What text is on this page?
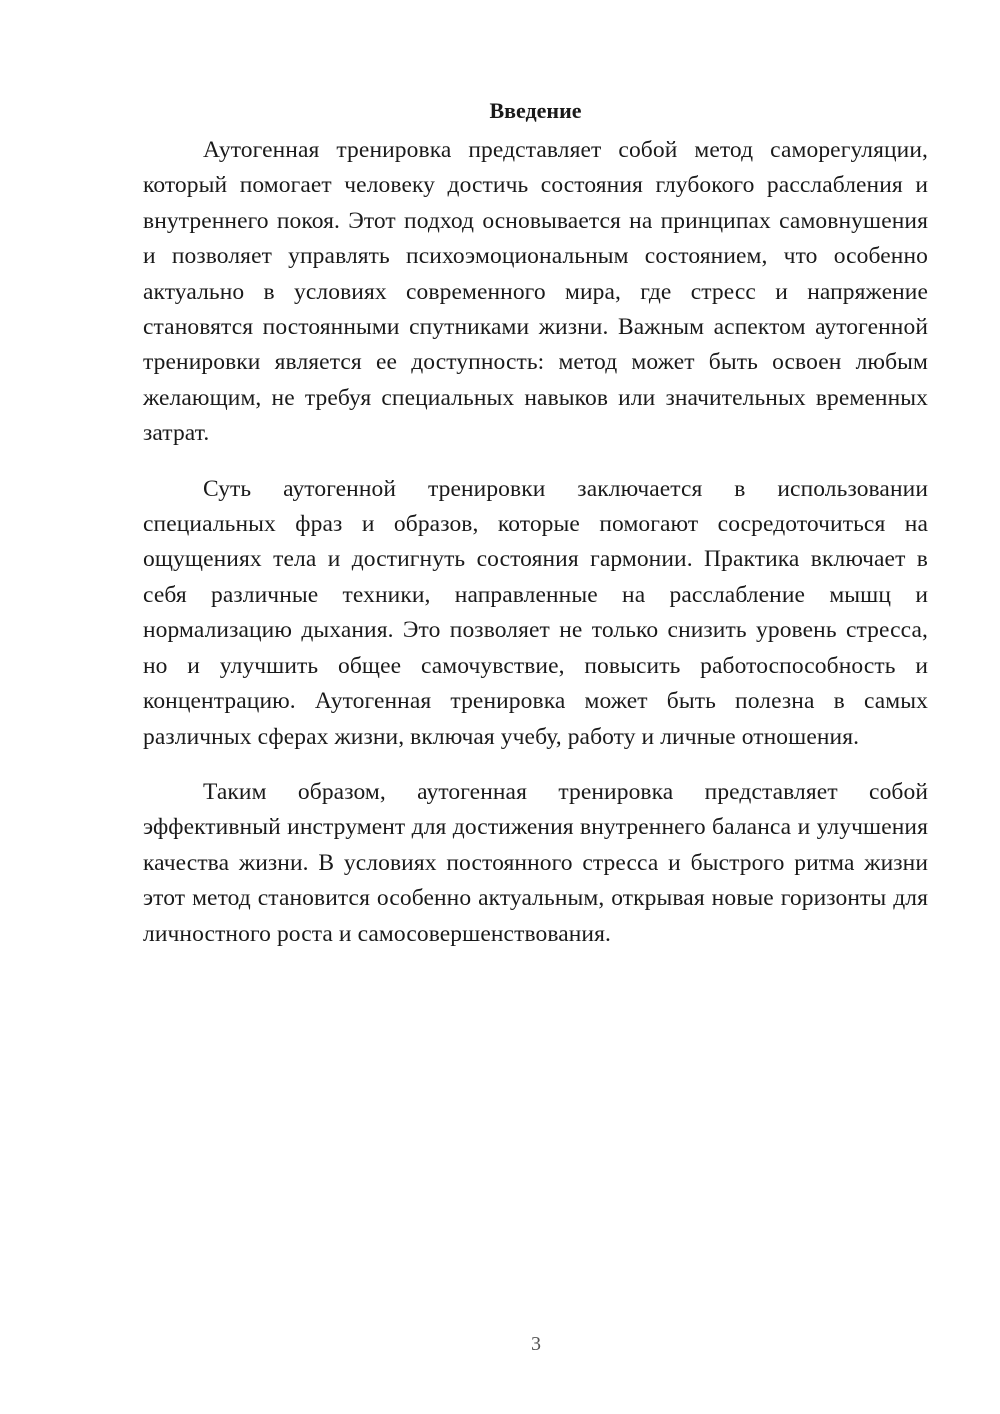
Введение

Аутогенная тренировка представляет собой метод саморегуляции, который помогает человеку достичь состояния глубокого расслабления и внутреннего покоя. Этот подход основывается на принципах самовнушения и позволяет управлять психоэмоциональным состоянием, что особенно актуально в условиях современного мира, где стресс и напряжение становятся постоянными спутниками жизни. Важным аспектом аутогенной тренировки является ее доступность: метод может быть освоен любым желающим, не требуя специальных навыков или значительных временных затрат.

Суть аутогенной тренировки заключается в использовании специальных фраз и образов, которые помогают сосредоточиться на ощущениях тела и достигнуть состояния гармонии. Практика включает в себя различные техники, направленные на расслабление мышц и нормализацию дыхания. Это позволяет не только снизить уровень стресса, но и улучшить общее самочувствие, повысить работоспособность и концентрацию. Аутогенная тренировка может быть полезна в самых различных сферах жизни, включая учебу, работу и личные отношения.

Таким образом, аутогенная тренировка представляет собой эффективный инструмент для достижения внутреннего баланса и улучшения качества жизни. В условиях постоянного стресса и быстрого ритма жизни этот метод становится особенно актуальным, открывая новые горизонты для личностного роста и самосовершенствования.

3
